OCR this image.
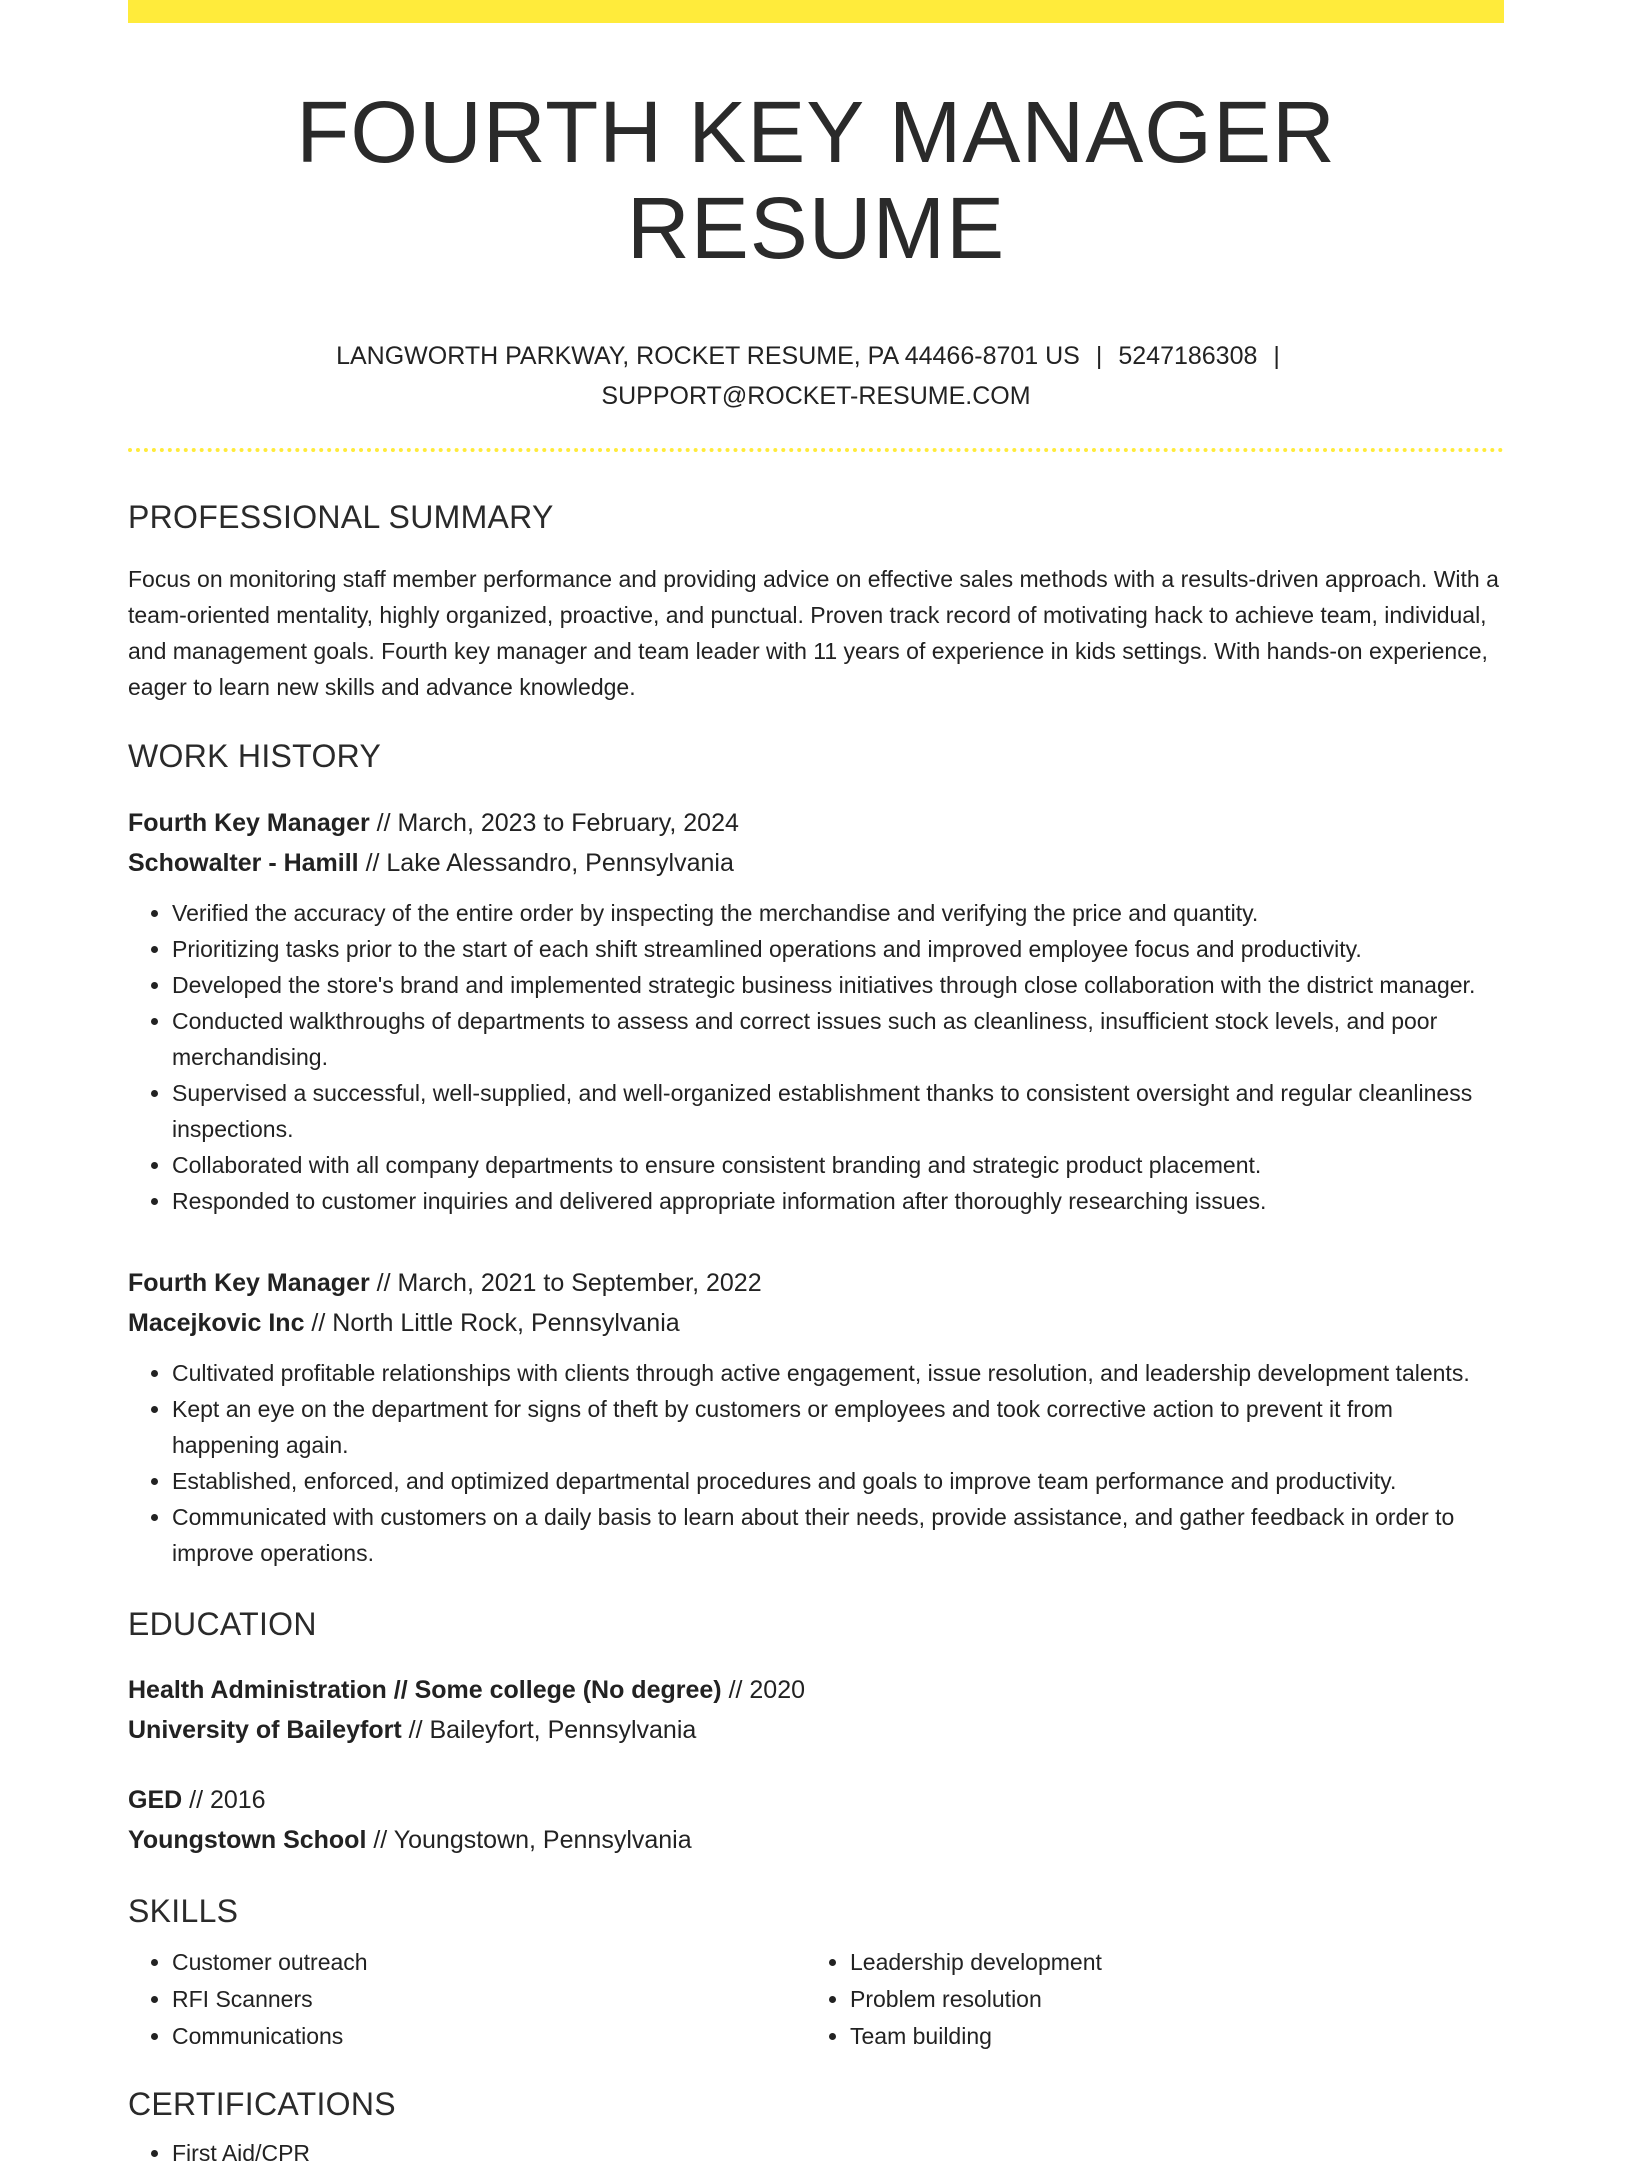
FOURTH KEY MANAGER RESUME
LANGWORTH PARKWAY, ROCKET RESUME, PA 44466-8701 US | 5247186308 |
SUPPORT@ROCKET-RESUME.COM
PROFESSIONAL SUMMARY

Focus on monitoring staff member performance and providing advice on effective sales methods with a results-driven approach. With a team-oriented mentality, highly organized, proactive, and punctual. Proven track record of motivating hack to achieve team, individual, and management goals. Fourth key manager and team leader with 11 years of experience in kids settings. With hands-on experience, eager to learn new skills and advance knowledge.

WORK HISTORY
Fourth Key Manager // March, 2023 to February, 2024
Schowalter - Hamill // Lake Alessandro, Pennsylvania
• Verified the accuracy of the entire order by inspecting the merchandise and verifying the price and quantity.
• Prioritizing tasks prior to the start of each shift streamlined operations and improved employee focus and productivity.
• Developed the store's brand and implemented strategic business initiatives through close collaboration with the district manager.
• Conducted walkthroughs of departments to assess and correct issues such as cleanliness, insufficient stock levels, and poor merchandising.
• Supervised a successful, well-supplied, and well-organized establishment thanks to consistent oversight and regular cleanliness inspections.
• Collaborated with all company departments to ensure consistent branding and strategic product placement.
• Responded to customer inquiries and delivered appropriate information after thoroughly researching issues.
Fourth Key Manager // March, 2021 to September, 2022
Macejkovic Inc // North Little Rock, Pennsylvania
• Cultivated profitable relationships with clients through active engagement, issue resolution, and leadership development talents.
• Kept an eye on the department for signs of theft by customers or employees and took corrective action to prevent it from happening again.
• Established, enforced, and optimized departmental procedures and goals to improve team performance and productivity.
• Communicated with customers on a daily basis to learn about their needs, provide assistance, and gather feedback in order to improve operations.
EDUCATION
Health Administration // Some college (No degree) // 2020
University of Baileyfort // Baileyfort, Pennsylvania
GED // 2016
Youngstown School // Youngstown, Pennsylvania
SKILLS
• Customer outreach
• RFI Scanners
• Communications
• Leadership development
• Problem resolution
• Team building
CERTIFICATIONS
• First Aid/CPR
